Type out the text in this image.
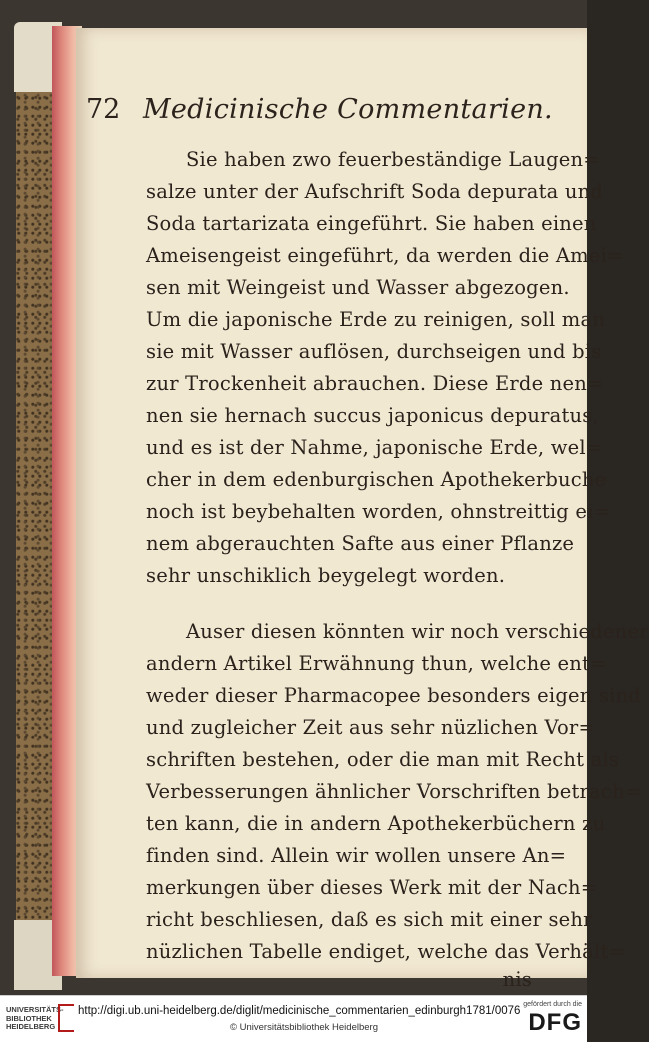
72 Medicinische Commentarien.
Sie haben zwo feuerbeständige Laugen=
salze unter der Aufschrift Soda depurata und
Soda tartarizata eingeführt. Sie haben einen
Ameisengeist eingeführt, da werden die Amei=
sen mit Weingeist und Wasser abgezogen.
Um die japonische Erde zu reinigen, soll man
sie mit Wasser auflösen, durchseigen und bis
zur Trockenheit abrauchen. Diese Erde nen=
nen sie hernach succus japonicus depuratus,
und es ist der Nahme, japonische Erde, wel=
cher in dem edenburgischen Apothekerbuche
noch ist beybehalten worden, ohnstreittig ei=
nem abgerauchten Safte aus einer Pflanze
sehr unschiklich beygelegt worden.
Auser diesen könnten wir noch verschiedener
andern Artikel Erwähnung thun, welche ent=
weder dieser Pharmacopee besonders eigen sind
und zugleicher Zeit aus sehr nüzlichen Vor=
schriften bestehen, oder die man mit Recht als
Verbesserungen ähnlicher Vorschriften betrach=
ten kann, die in andern Apothekerbüchern zu
finden sind. Allein wir wollen unsere An=
merkungen über dieses Werk mit der Nach=
richt beschliesen, daß es sich mit einer sehr
nüzlichen Tabelle endiget, welche das Verhält=
nis
UNIVERSITÄTS-
BIBLIOTHEK
HEIDELBERG
http://digi.ub.uni-heidelberg.de/diglit/medicinische_commentarien_edinburgh1781/0076
© Universitätsbibliothek Heidelberg
gefördert durch die
DFG
